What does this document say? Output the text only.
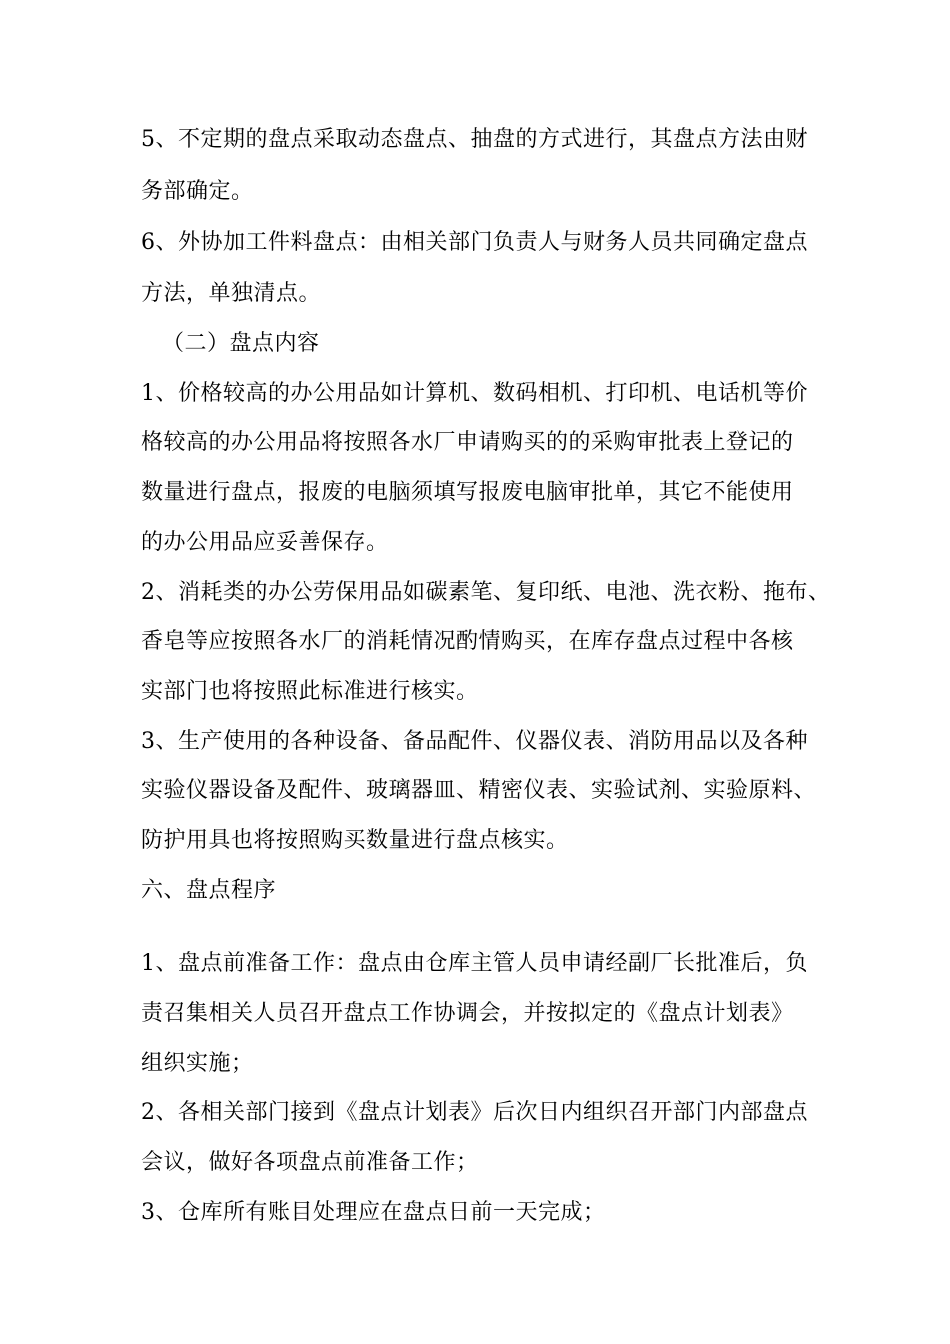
5、不定期的盘点采取动态盘点、抽盘的方式进行，其盘点方法由财

务部确定。

6、外协加工件料盘点：由相关部门负责人与财务人员共同确定盘点

方法，单独清点。

（二）盘点内容

1、价格较高的办公用品如计算机、数码相机、打印机、电话机等价

格较高的办公用品将按照各水厂申请购买的的采购审批表上登记的

数量进行盘点，报废的电脑须填写报废电脑审批单，其它不能使用

的办公用品应妥善保存。

2、消耗类的办公劳保用品如碳素笔、复印纸、电池、洗衣粉、拖布、

香皂等应按照各水厂的消耗情况酌情购买，在库存盘点过程中各核

实部门也将按照此标准进行核实。

3、生产使用的各种设备、备品配件、仪器仪表、消防用品以及各种

实验仪器设备及配件、玻璃器皿、精密仪表、实验试剂、实验原料、

防护用具也将按照购买数量进行盘点核实。

六、盘点程序

1、盘点前准备工作：盘点由仓库主管人员申请经副厂长批准后，负

责召集相关人员召开盘点工作协调会，并按拟定的《盘点计划表》

组织实施；

2、各相关部门接到《盘点计划表》后次日内组织召开部门内部盘点

会议，做好各项盘点前准备工作；

3、仓库所有账目处理应在盘点日前一天完成；
